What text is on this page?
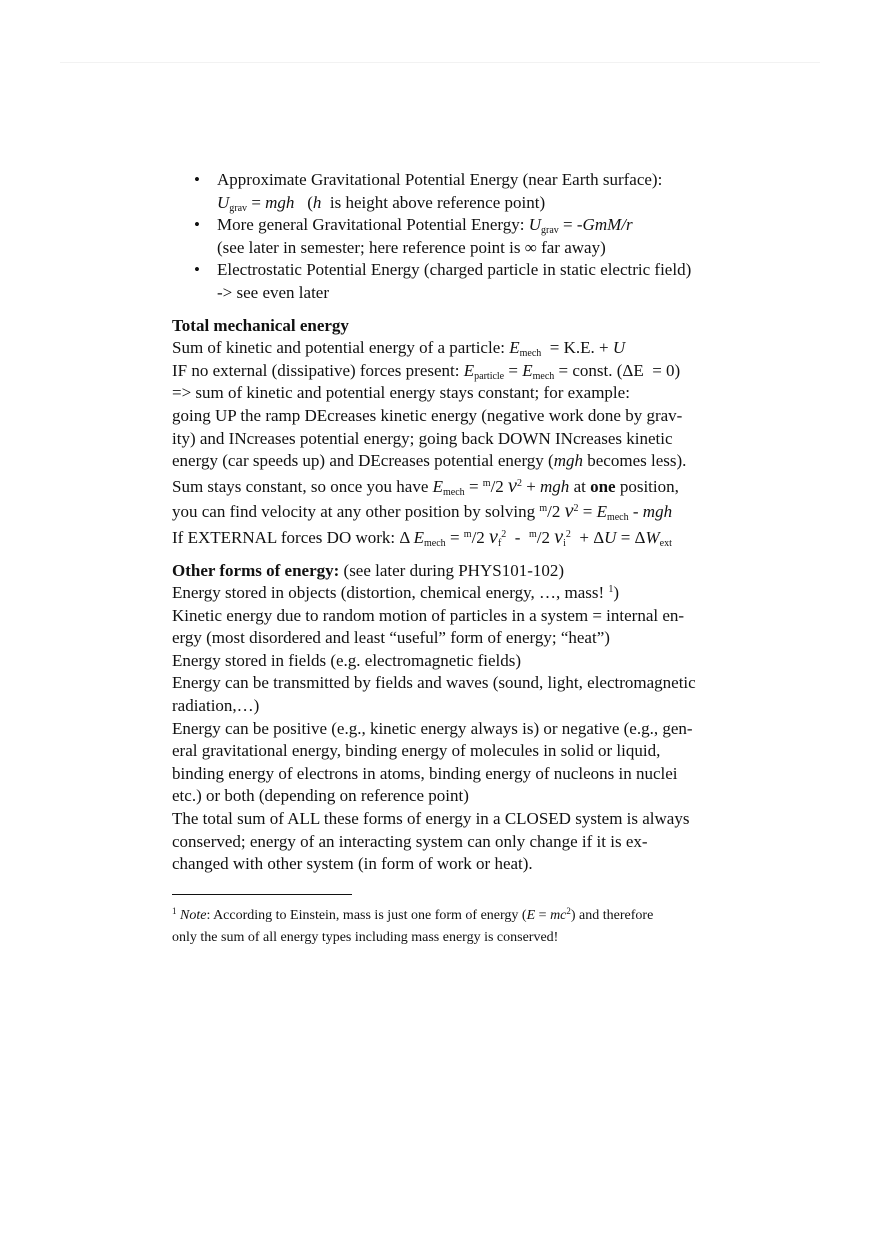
• Approximate Gravitational Potential Energy (near Earth surface):
$U_{grav}$ = mgh   (h  is height above reference point)
• More general Gravitational Potential Energy: $U_{grav} = -GmM/r$
(see later in semester; here reference point is ∞ far away)
• Electrostatic Potential Energy (charged particle in static electric field)
-> see even later
Total mechanical energy
Sum of kinetic and potential energy of a particle: $E_{mech} = K.E$. + U
IF no external (dissipative) forces present: $E_{particle} = E_{mech}$ = const. (ΔE  = 0)
=> sum of kinetic and potential energy stays constant; for example:
going UP the ramp DEcreases kinetic energy (negative work done by grav-
ity) and INcreases potential energy; going back DOWN INcreases kinetic
energy (car speeds up) and DEcreases potential energy (mgh becomes less).
Sum stays constant, so once you have $E_{mech} = ^m/2$ $v^2$ + mgh at one position,
you can find velocity at any other position by solving $^m$/2 $v^2 = E_{mech}$ - mgh
If EXTERNAL forces DO work: Δ $E_{mech} = ^m/2$ $v_f^2 - ^m/2$ $v_i^2 + \Delta U = \Delta W_{ext}$
Other forms of energy: (see later during PHYS101-102)
Energy stored in objects (distortion, chemical energy, …, mass! $^1$)
Kinetic energy due to random motion of particles in a system = internal en-
ergy (most disordered and least “useful” form of energy; “heat”)
Energy stored in fields (e.g. electromagnetic fields)
Energy can be transmitted by fields and waves (sound, light, electromagnetic
radiation,…)
Energy can be positive (e.g., kinetic energy always is) or negative (e.g., gen-
eral gravitational energy, binding energy of molecules in solid or liquid,
binding energy of electrons in atoms, binding energy of nucleons in nuclei
etc.) or both (depending on reference point)
The total sum of ALL these forms of energy in a CLOSED system is always
conserved; energy of an interacting system can only change if it is ex-
changed with other system (in form of work or heat).
$^1$ Note: According to Einstein, mass is just one form of energy $(E = mc^2)$ and therefore
only the sum of all energy types including mass energy is conserved!
